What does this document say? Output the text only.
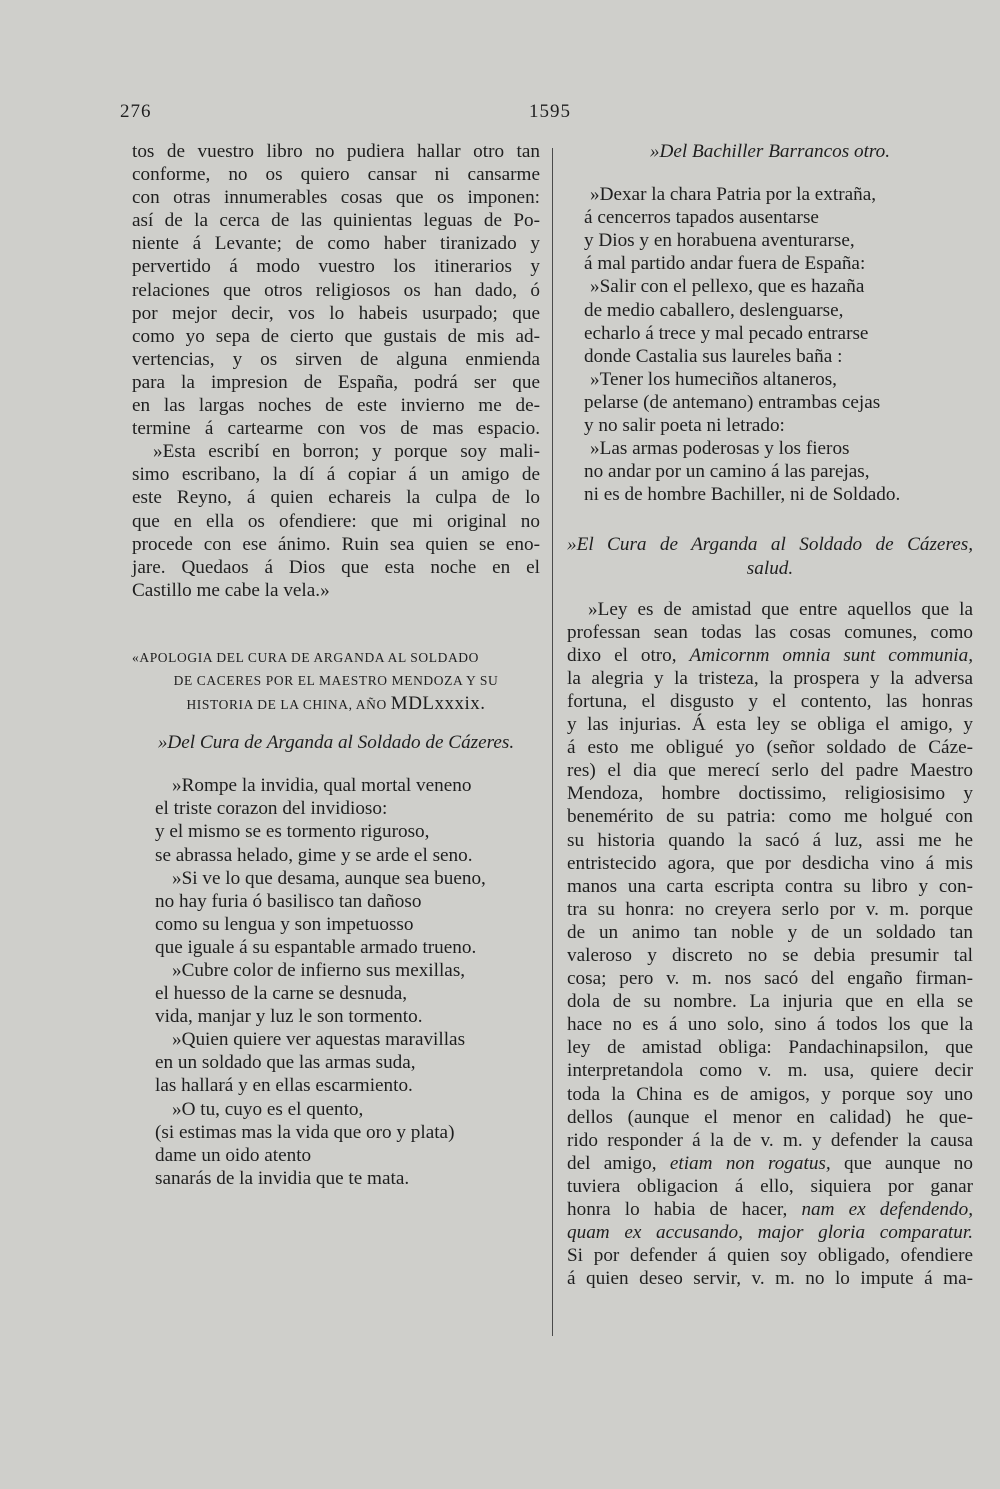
276	1595
tos de vuestro libro no pudiera hallar otro tan
conforme, no os quiero cansar ni cansarme
con otras innumerables cosas que os imponen:
así de la cerca de las quinientas leguas de Po-
niente á Levante; de como haber tiranizado y
pervertido á modo vuestro los itinerarios y
relaciones que otros religiosos os han dado, ó
por mejor decir, vos lo habeis usurpado; que
como yo sepa de cierto que gustais de mis ad-
vertencias, y os sirven de alguna enmienda
para la impresion de España, podrá ser que
en las largas noches de este invierno me de-
termine á cartearme con vos de mas espacio.
»Esta escribí en borron; y porque soy mali-
simo escribano, la dí á copiar á un amigo de
este Reyno, á quien echareis la culpa de lo
que en ella os ofendiere: que mi original no
procede con ese ánimo. Ruin sea quien se eno-
jare. Quedaos á Dios que esta noche en el
Castillo me cabe la vela.»
«APOLOGIA DEL CURA DE ARGANDA AL SOLDADO
DE CACERES POR EL MAESTRO MENDOZA Y SU
HISTORIA DE LA CHINA, AÑO MDLxxxix.
»Del Cura de Arganda al Soldado de Cázeres.
»Rompe la invidia, qual mortal veneno
el triste corazon del invidioso:
y el mismo se es tormento riguroso,
se abrassa helado, gime y se arde el seno.
»Si ve lo que desama, aunque sea bueno,
no hay furia ó basilisco tan dañoso
como su lengua y son impetuosso
que iguale á su espantable armado trueno.
»Cubre color de infierno sus mexillas,
el huesso de la carne se desnuda,
vida, manjar y luz le son tormento.
»Quien quiere ver aquestas maravillas
en un soldado que las armas suda,
las hallará y en ellas escarmiento.
»O tu, cuyo es el quento,
(si estimas mas la vida que oro y plata)
dame un oido atento
sanarás de la invidia que te mata.
»Del Bachiller Barrancos otro.
»Dexar la chara Patria por la extraña,
á cencerros tapados ausentarse
y Dios y en horabuena aventurarse,
á mal partido andar fuera de España:
»Salir con el pellexo, que es hazaña
de medio caballero, deslenguarse,
echarlo á trece y mal pecado entrarse
donde Castalia sus laureles baña :
»Tener los humeciños altaneros,
pelarse (de antemano) entrambas cejas
y no salir poeta ni letrado:
»Las armas poderosas y los fieros
no andar por un camino á las parejas,
ni es de hombre Bachiller, ni de Soldado.
»El Cura de Arganda al Soldado de Cázeres,
salud.
»Ley es de amistad que entre aquellos que la
professan sean todas las cosas comunes, como
dixo el otro, Amicornm omnia sunt communia,
la alegria y la tristeza, la prospera y la adversa
fortuna, el disgusto y el contento, las honras
y las injurias. Á esta ley se obliga el amigo, y
á esto me obligué yo (señor soldado de Cáze-
res) el dia que merecí serlo del padre Maestro
Mendoza, hombre doctissimo, religiosisimo y
benemérito de su patria: como me holgué con
su historia quando la sacó á luz, assi me he
entristecido agora, que por desdicha vino á mis
manos una carta escripta contra su libro y con-
tra su honra: no creyera serlo por v. m. porque
de un animo tan noble y de un soldado tan
valeroso y discreto no se debia presumir tal
cosa; pero v. m. nos sacó del engaño firman-
dola de su nombre. La injuria que en ella se
hace no es á uno solo, sino á todos los que la
ley de amistad obliga: Pandachinapsilon, que
interpretandola como v. m. usa, quiere decir
toda la China es de amigos, y porque soy uno
dellos (aunque el menor en calidad) he que-
rido responder á la de v. m. y defender la causa
del amigo, etiam non rogatus, que aunque no
tuviera obligacion á ello, siquiera por ganar
honra lo habia de hacer, nam ex defendendo,
quam ex accusando, major gloria comparatur.
Si por defender á quien soy obligado, ofendiere
á quien deseo servir, v. m. no lo impute á ma-
